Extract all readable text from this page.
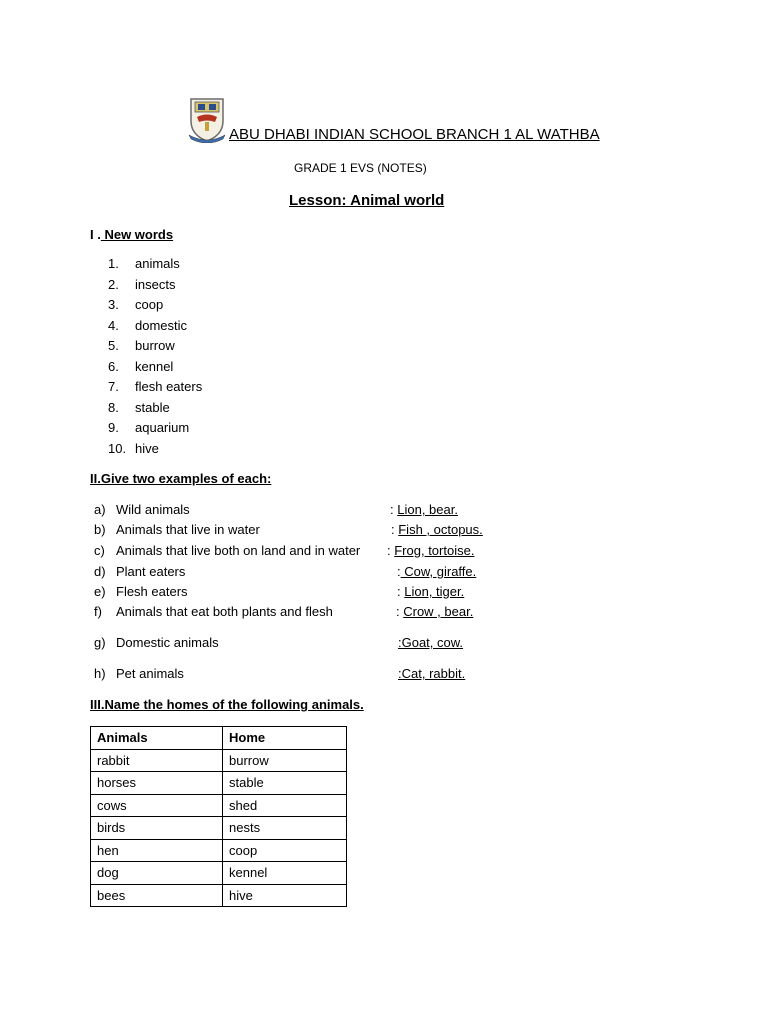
ABU DHABI INDIAN SCHOOL BRANCH 1 AL WATHBA
GRADE 1 EVS (NOTES)
Lesson: Animal world
I . New words
1. animals
2. insects
3. coop
4. domestic
5. burrow
6. kennel
7. flesh eaters
8. stable
9. aquarium
10. hive
II.Give two examples of each:
a) Wild animals	: Lion, bear.
b) Animals that live in water	: Fish , octopus.
c) Animals that live both on land and in water : Frog, tortoise.
d) Plant eaters	: Cow, giraffe.
e) Flesh eaters	: Lion, tiger.
f) Animals that eat both plants and flesh	: Crow , bear.
g) Domestic animals	:Goat, cow.
h) Pet animals	:Cat, rabbit.
III.Name the homes of the following animals.
Animals	Home
rabbit	burrow
horses	stable
cows	shed
birds	nests
hen	coop
dog	kennel
bees	hive
